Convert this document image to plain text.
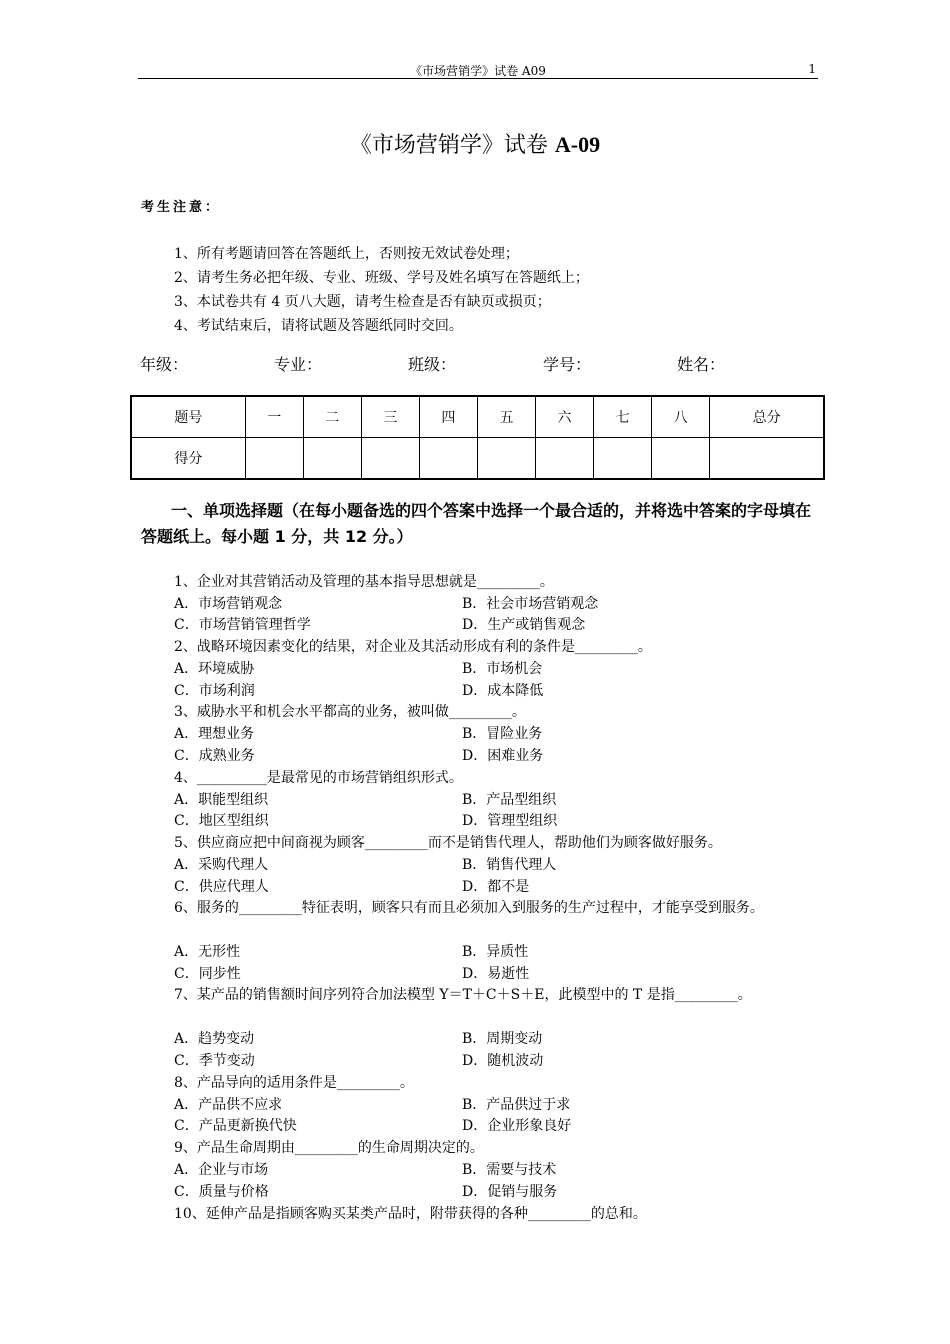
《市场营销学》试卷 A09	1
《市场营销学》试卷 A-09
考生注意：
1、所有考题请回答在答题纸上，否则按无效试卷处理；
2、请考生务必把年级、专业、班级、学号及姓名填写在答题纸上；
3、本试卷共有 4 页八大题，请考生检查是否有缺页或损页；
4、考试结束后，请将试题及答题纸同时交回。
年级：	专业：	班级：	学号：	姓名：
题号	一	二	三	四	五	六	七	八	总分
得分									
一、单项选择题（在每小题备选的四个答案中选择一个最合适的，并将选中答案的字母填在答题纸上。每小题 1 分，共 12 分。）
1、企业对其营销活动及管理的基本指导思想就是_________。
A．市场营销观念	B．社会市场营销观念
C．市场营销管理哲学	D．生产或销售观念
2、战略环境因素变化的结果，对企业及其活动形成有利的条件是_________。
A．环境威胁	B．市场机会
C．市场利润	D．成本降低
3、威胁水平和机会水平都高的业务，被叫做_________。
A．理想业务	B．冒险业务
C．成熟业务	D．困难业务
4、__________是最常见的市场营销组织形式。
A．职能型组织	B．产品型组织
C．地区型组织	D．管理型组织
5、供应商应把中间商视为顾客_________而不是销售代理人，帮助他们为顾客做好服务。
A．采购代理人	B．销售代理人
C．供应代理人	D．都不是
6、服务的_________特征表明，顾客只有而且必须加入到服务的生产过程中，才能享受到服务。
A．无形性	B．异质性
C．同步性	D．易逝性
7、某产品的销售额时间序列符合加法模型 Y＝T＋C＋S＋E，此模型中的 T 是指_________。
A．趋势变动	B．周期变动
C．季节变动	D．随机波动
8、产品导向的适用条件是_________。
A．产品供不应求	B．产品供过于求
C．产品更新换代快	D．企业形象良好
9、产品生命周期由_________的生命周期决定的。
A．企业与市场	B．需要与技术
C．质量与价格	D．促销与服务
10、延伸产品是指顾客购买某类产品时，附带获得的各种_________的总和。
